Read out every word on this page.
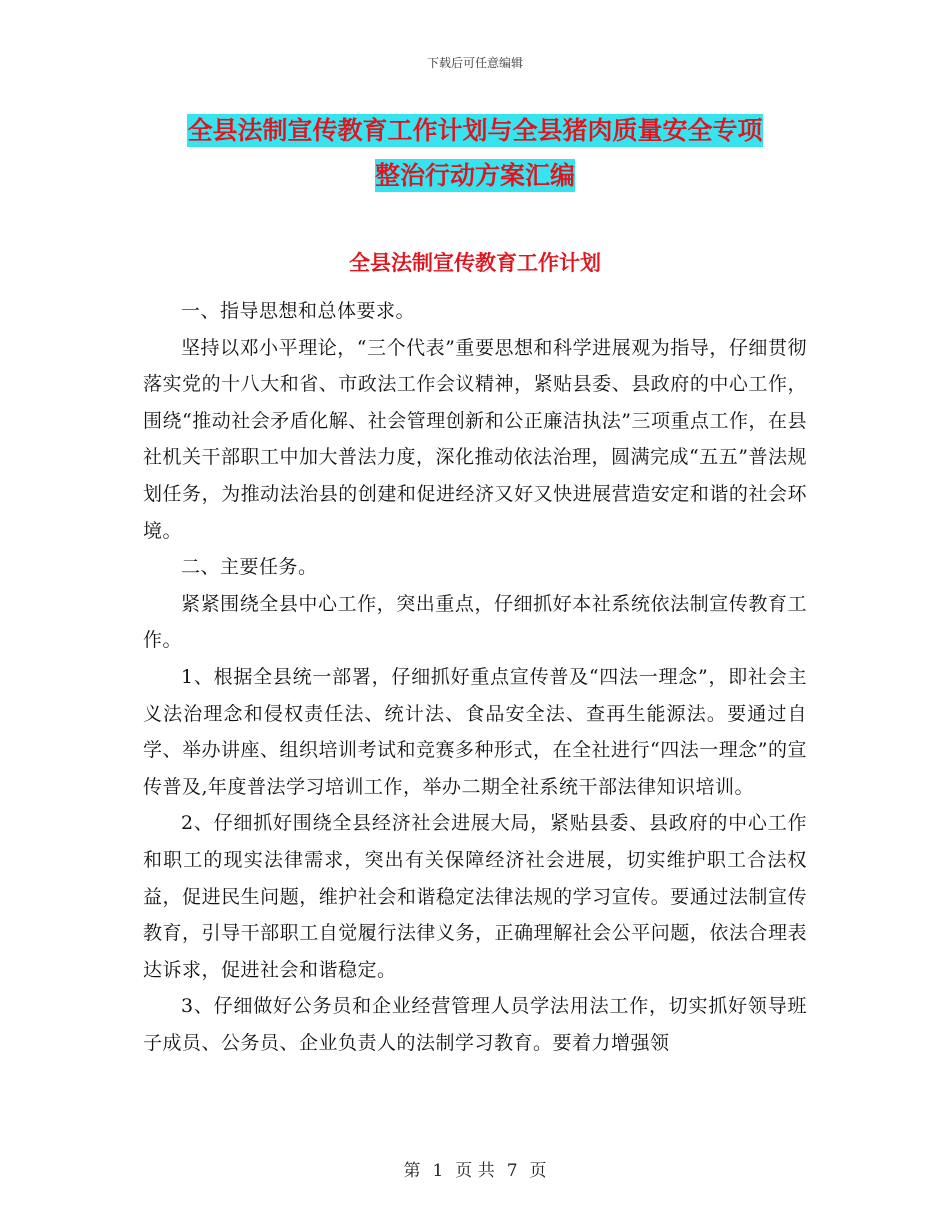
下载后可任意编辑
全县法制宣传教育工作计划与全县猪肉质量安全专项
整治行动方案汇编
全县法制宣传教育工作计划

一、指导思想和总体要求。

坚持以邓小平理论，“三个代表”重要思想和科学进展观为指导，仔细贯彻落实党的十八大和省、市政法工作会议精神，紧贴县委、县政府的中心工作，围绕“推动社会矛盾化解、社会管理创新和公正廉洁执法”三项重点工作，在县社机关干部职工中加大普法力度，深化推动依法治理，圆满完成“五五”普法规划任务，为推动法治县的创建和促进经济又好又快进展营造安定和谐的社会环境。

二、主要任务。

紧紧围绕全县中心工作，突出重点，仔细抓好本社系统依法制宣传教育工作。

1、根据全县统一部署，仔细抓好重点宣传普及“四法一理念”，即社会主义法治理念和侵权责任法、统计法、食品安全法、查再生能源法。要通过自学、举办讲座、组织培训考试和竞赛多种形式，在全社进行“四法一理念”的宣传普及,年度普法学习培训工作，举办二期全社系统干部法律知识培训。

2、仔细抓好围绕全县经济社会进展大局，紧贴县委、县政府的中心工作和职工的现实法律需求，突出有关保障经济社会进展，切实维护职工合法权益，促进民生问题，维护社会和谐稳定法律法规的学习宣传。要通过法制宣传教育，引导干部职工自觉履行法律义务，正确理解社会公平问题，依法合理表达诉求，促进社会和谐稳定。

3、仔细做好公务员和企业经营管理人员学法用法工作，切实抓好领导班子成员、公务员、企业负责人的法制学习教育。要着力增强领

第 1 页 共 7 页
